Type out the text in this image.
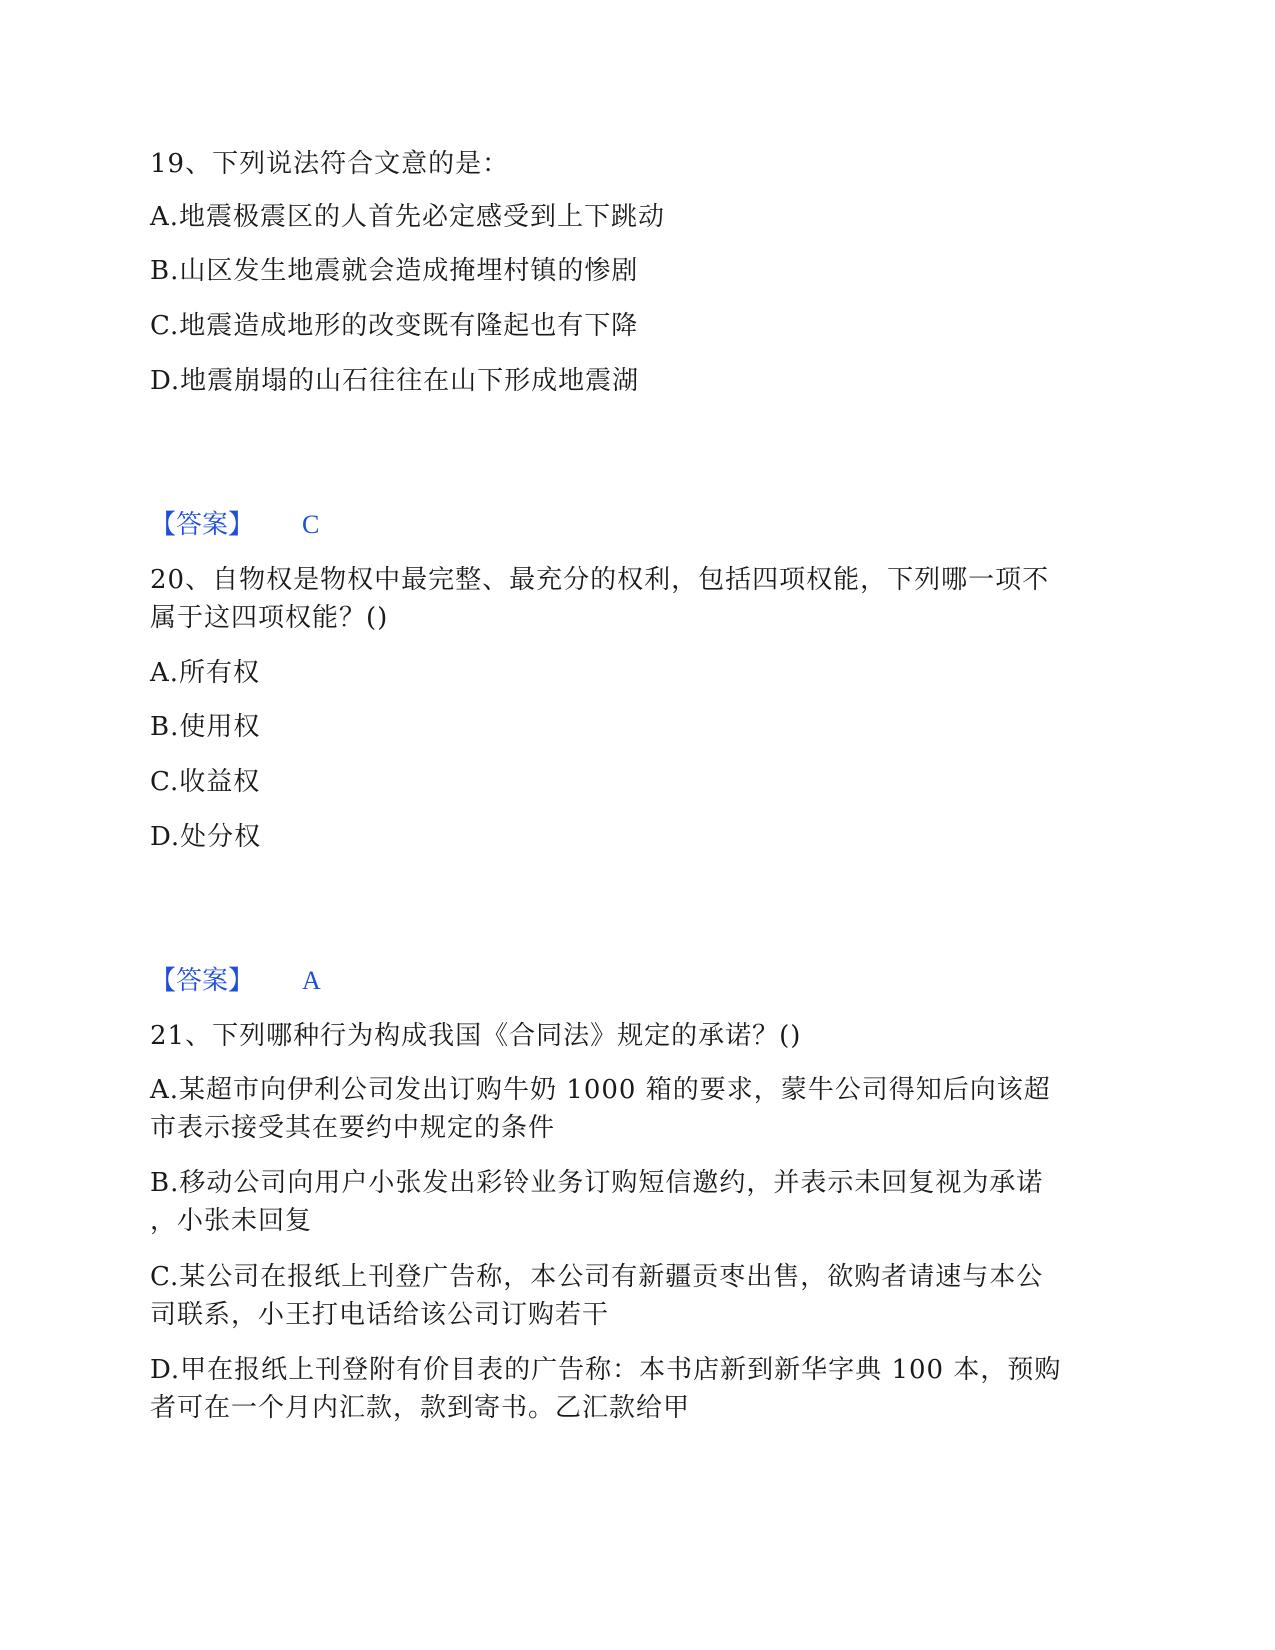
19、下列说法符合文意的是：
A.地震极震区的人首先必定感受到上下跳动
B.山区发生地震就会造成掩埋村镇的惨剧
C.地震造成地形的改变既有隆起也有下降
D.地震崩塌的山石往往在山下形成地震湖
【答案】 C
20、自物权是物权中最完整、最充分的权利，包括四项权能，下列哪一项不
属于这四项权能？()
A.所有权
B.使用权
C.收益权
D.处分权
【答案】 A
21、下列哪种行为构成我国《合同法》规定的承诺？()
A.某超市向伊利公司发出订购牛奶 1000 箱的要求，蒙牛公司得知后向该超
市表示接受其在要约中规定的条件
B.移动公司向用户小张发出彩铃业务订购短信邀约，并表示未回复视为承诺
，小张未回复
C.某公司在报纸上刊登广告称，本公司有新疆贡枣出售，欲购者请速与本公
司联系，小王打电话给该公司订购若干
D.甲在报纸上刊登附有价目表的广告称：本书店新到新华字典 100 本，预购
者可在一个月内汇款，款到寄书。乙汇款给甲
